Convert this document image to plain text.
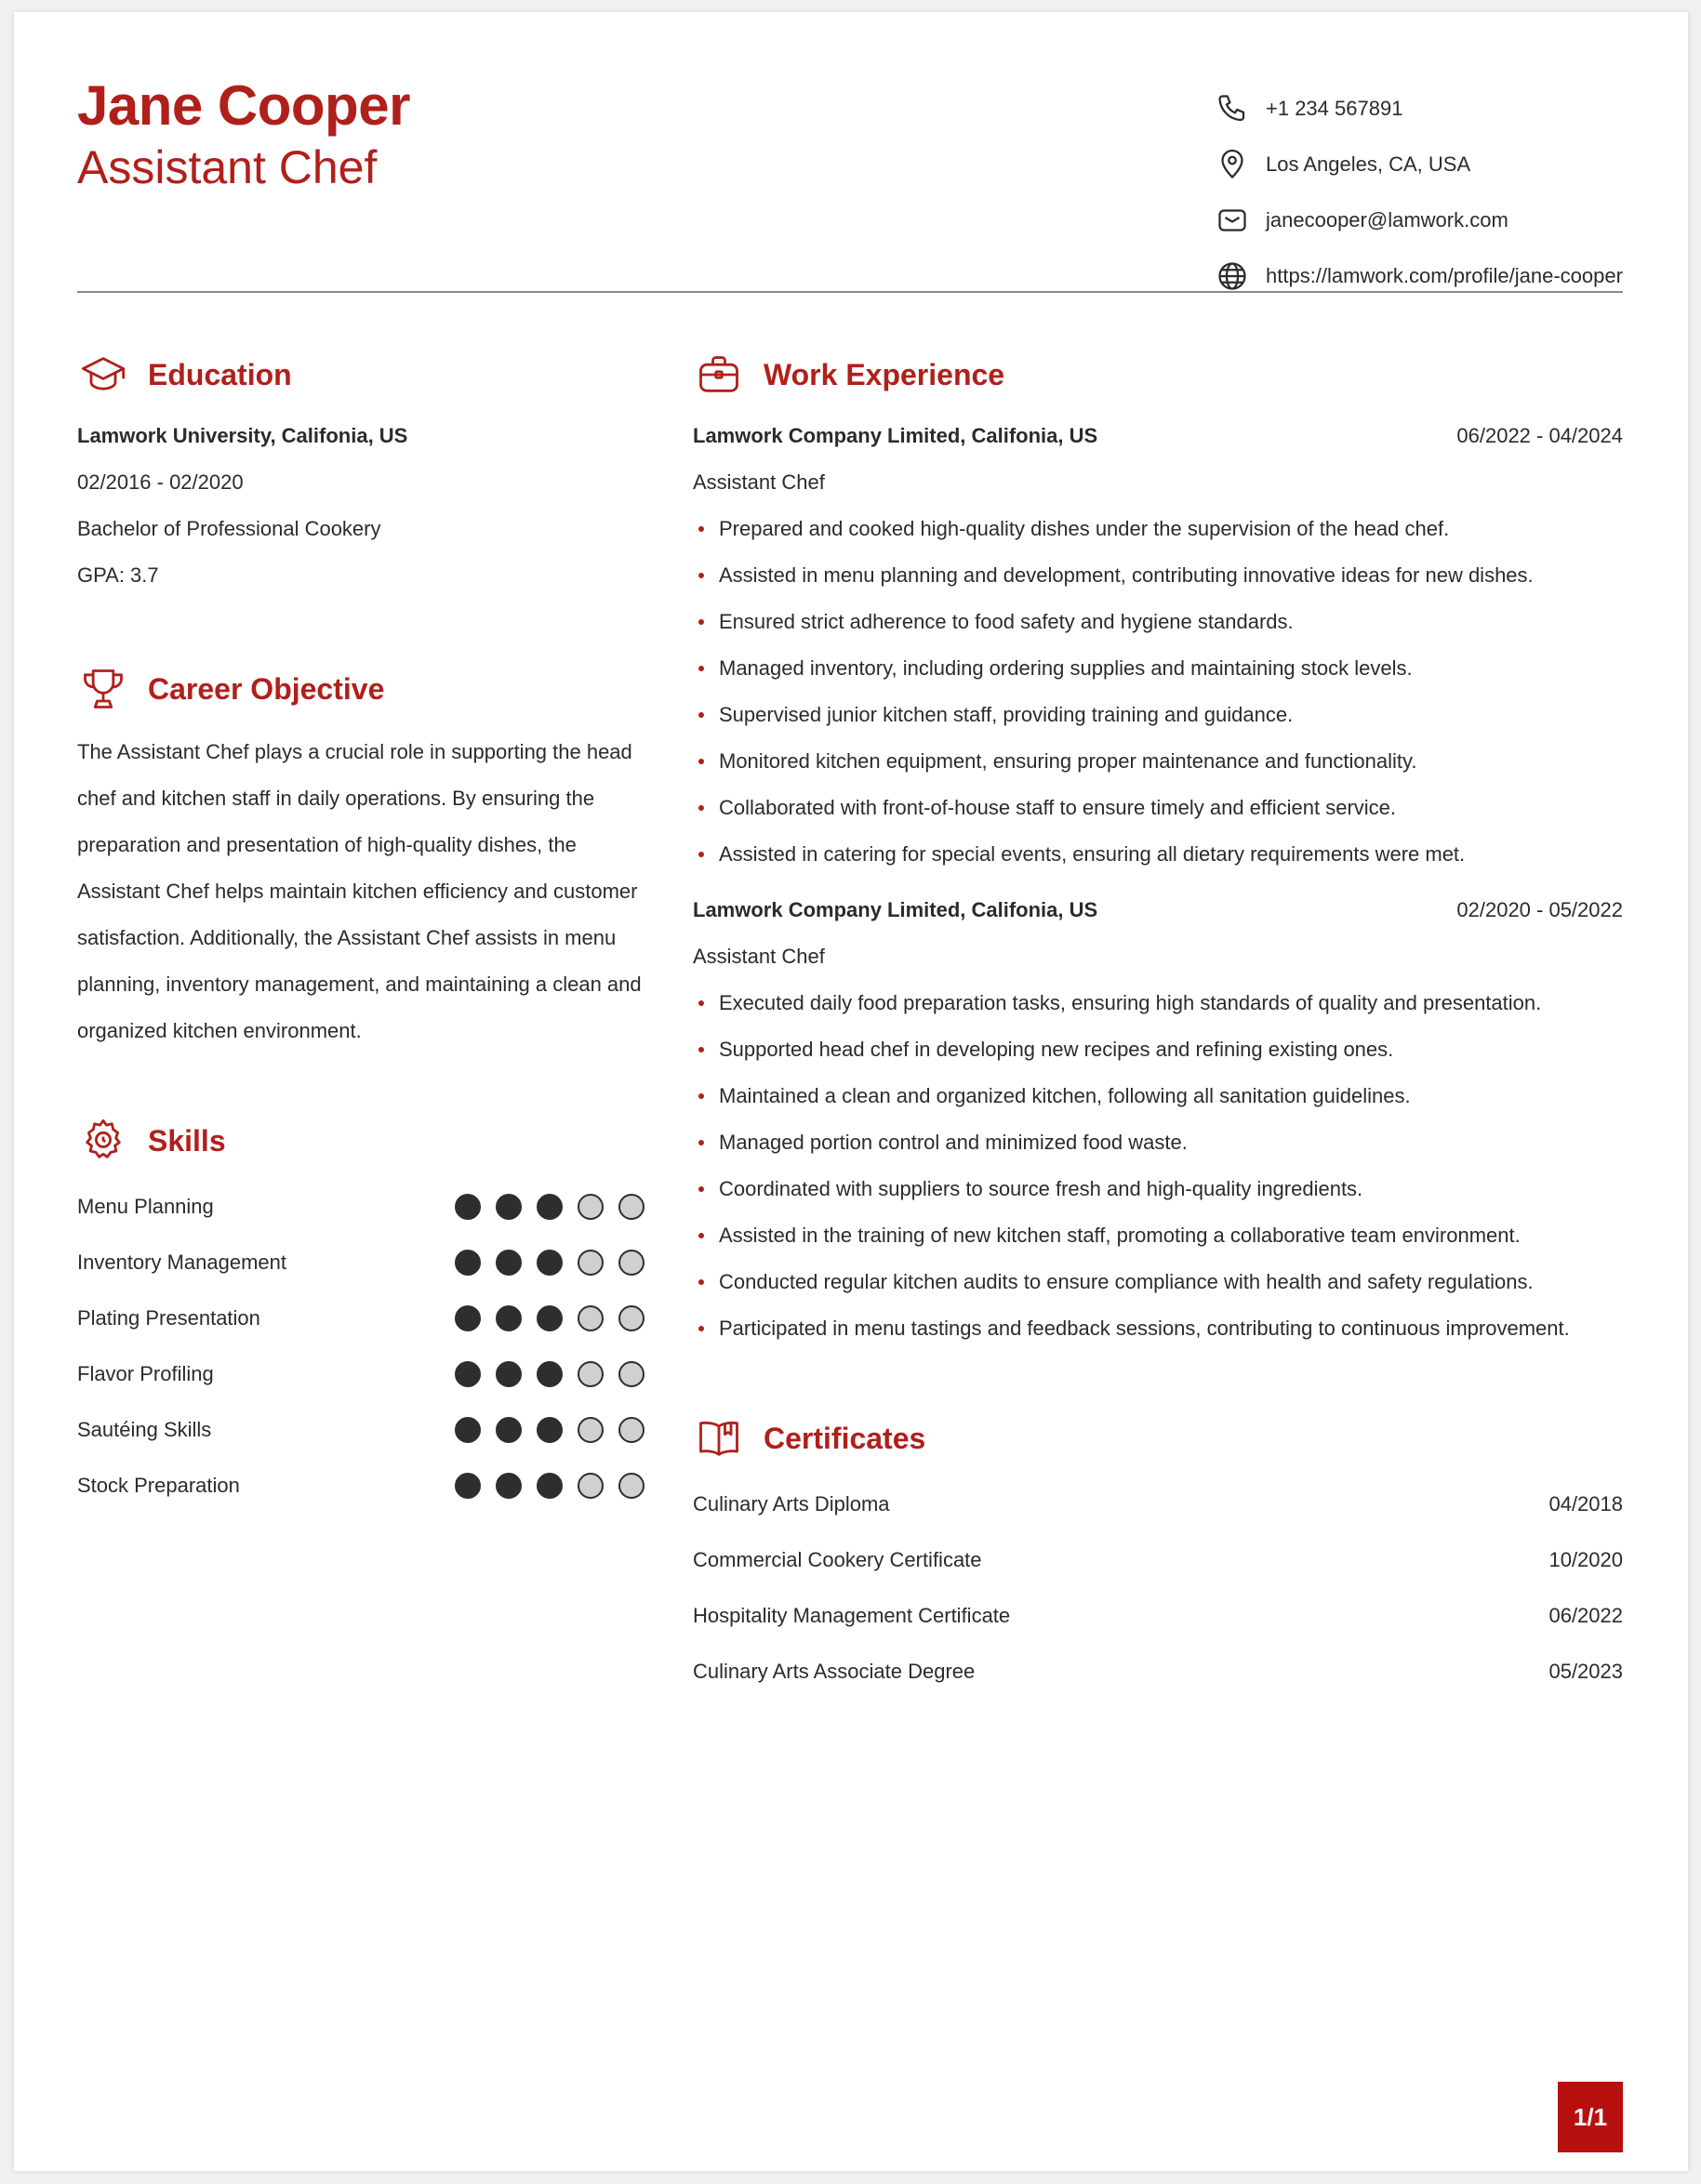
Jane Cooper
Assistant Chef
+1 234 567891
Los Angeles, CA, USA
janecooper@lamwork.com
https://lamwork.com/profile/jane-cooper
Education
Lamwork University, Califonia, US
02/2016 - 02/2020
Bachelor of Professional Cookery
GPA: 3.7
Career Objective

The Assistant Chef plays a crucial role in supporting the head chef and kitchen staff in daily operations. By ensuring the preparation and presentation of high-quality dishes, the Assistant Chef helps maintain kitchen efficiency and customer satisfaction. Additionally, the Assistant Chef assists in menu planning, inventory management, and maintaining a clean and organized kitchen environment.

Skills
Menu Planning
Inventory Management
Plating Presentation
Flavor Profiling
Sautéing Skills
Stock Preparation
Work Experience
Lamwork Company Limited, Califonia, US	06/2022 - 04/2024
Assistant Chef
Prepared and cooked high-quality dishes under the supervision of the head chef.
Assisted in menu planning and development, contributing innovative ideas for new dishes.
Ensured strict adherence to food safety and hygiene standards.
Managed inventory, including ordering supplies and maintaining stock levels.
Supervised junior kitchen staff, providing training and guidance.
Monitored kitchen equipment, ensuring proper maintenance and functionality.
Collaborated with front-of-house staff to ensure timely and efficient service.
Assisted in catering for special events, ensuring all dietary requirements were met.
Lamwork Company Limited, Califonia, US	02/2020 - 05/2022
Assistant Chef
Executed daily food preparation tasks, ensuring high standards of quality and presentation.
Supported head chef in developing new recipes and refining existing ones.
Maintained a clean and organized kitchen, following all sanitation guidelines.
Managed portion control and minimized food waste.
Coordinated with suppliers to source fresh and high-quality ingredients.
Assisted in the training of new kitchen staff, promoting a collaborative team environment.
Conducted regular kitchen audits to ensure compliance with health and safety regulations.
Participated in menu tastings and feedback sessions, contributing to continuous improvement.
Certificates
Culinary Arts Diploma	04/2018
Commercial Cookery Certificate	10/2020
Hospitality Management Certificate	06/2022
Culinary Arts Associate Degree	05/2023
1/1
